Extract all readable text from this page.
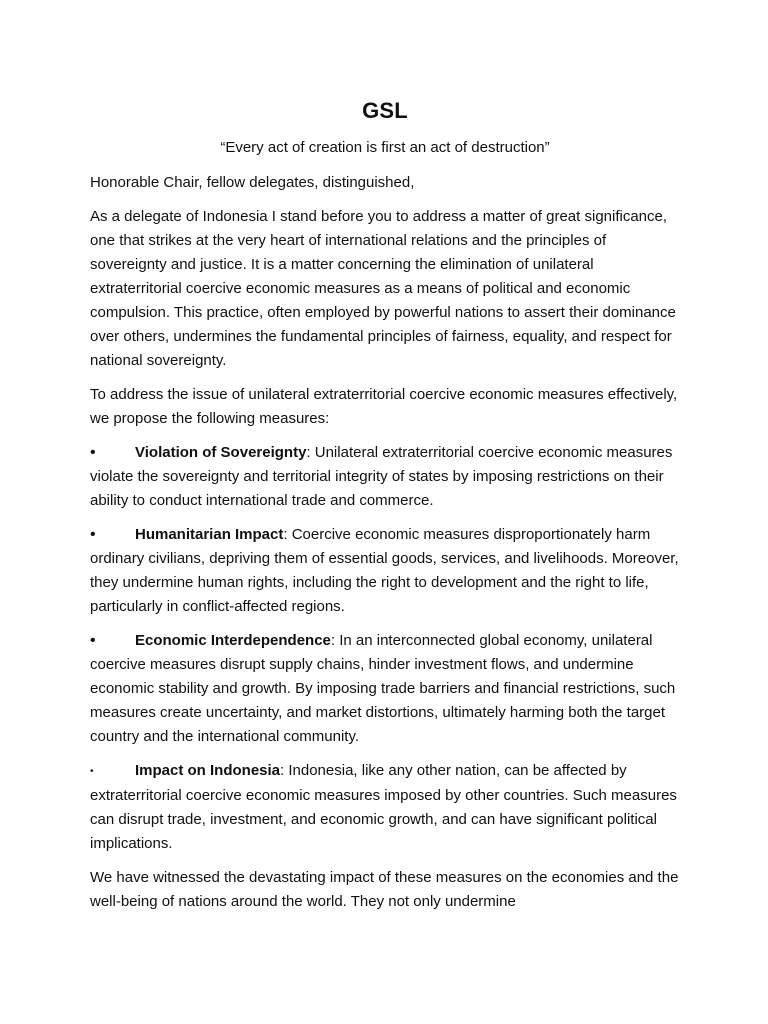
GSL
“Every act of creation is first an act of destruction”
Honorable Chair, fellow delegates, distinguished,
As a delegate of Indonesia I stand before you to address a matter of great significance, one that strikes at the very heart of international relations and the principles of sovereignty and justice. It is a matter concerning the elimination of unilateral extraterritorial coercive economic measures as a means of political and economic compulsion. This practice, often employed by powerful nations to assert their dominance over others, undermines the fundamental principles of fairness, equality, and respect for national sovereignty.
To address the issue of unilateral extraterritorial coercive economic measures effectively, we propose the following measures:
•	Violation of Sovereignty: Unilateral extraterritorial coercive economic measures violate the sovereignty and territorial integrity of states by imposing restrictions on their ability to conduct international trade and commerce.
•	Humanitarian Impact: Coercive economic measures disproportionately harm ordinary civilians, depriving them of essential goods, services, and livelihoods. Moreover, they undermine human rights, including the right to development and the right to life, particularly in conflict-affected regions.
•	Economic Interdependence: In an interconnected global economy, unilateral coercive measures disrupt supply chains, hinder investment flows, and undermine economic stability and growth. By imposing trade barriers and financial restrictions, such measures create uncertainty, and market distortions, ultimately harming both the target country and the international community.
•	Impact on Indonesia: Indonesia, like any other nation, can be affected by extraterritorial coercive economic measures imposed by other countries. Such measures can disrupt trade, investment, and economic growth, and can have significant political implications.
We have witnessed the devastating impact of these measures on the economies and the well-being of nations around the world. They not only undermine
